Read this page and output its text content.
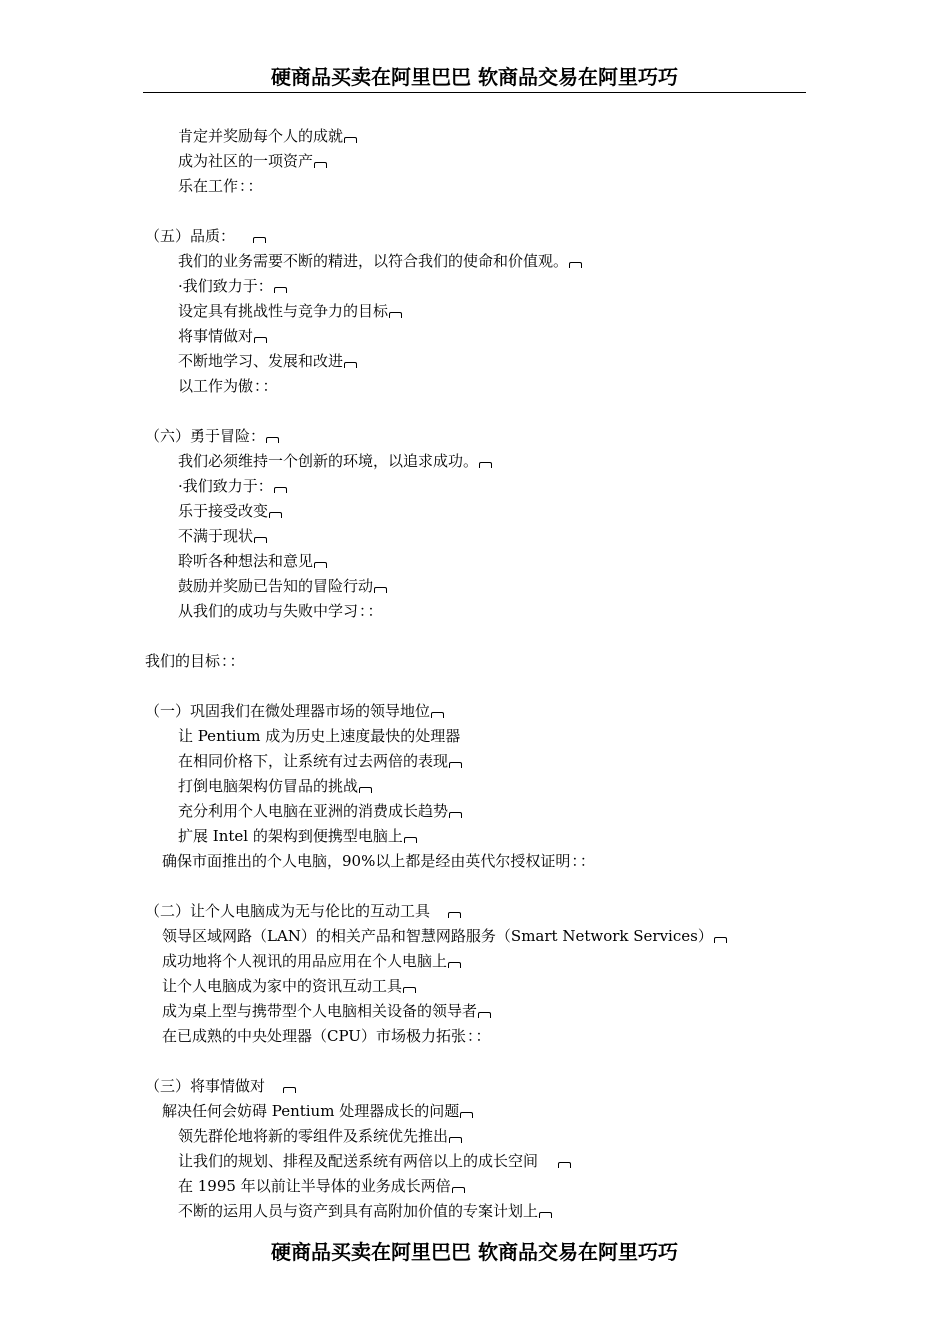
硬商品买卖在阿里巴巴 软商品交易在阿里巧巧
肯定并奖励每个人的成就
成为社区的一项资产
乐在工作：：
（五）品质：
我们的业务需要不断的精进，以符合我们的使命和价值观。
·我们致力于：
设定具有挑战性与竞争力的目标
将事情做对
不断地学习、发展和改进
以工作为傲：：
（六）勇于冒险：
我们必须维持一个创新的环境，以追求成功。
·我们致力于：
乐于接受改变
不满于现状
聆听各种想法和意见
鼓励并奖励已告知的冒险行动
从我们的成功与失败中学习：：
我们的目标：：
（一）巩固我们在微处理器市场的领导地位
让 Pentium 成为历史上速度最快的处理器
在相同价格下，让系统有过去两倍的表现
打倒电脑架构仿冒品的挑战
充分利用个人电脑在亚洲的消费成长趋势
扩展 Intel 的架构到便携型电脑上
确保市面推出的个人电脑，90%以上都是经由英代尔授权证明：：
（二）让个人电脑成为无与伦比的互动工具
领导区域网路（LAN）的相关产品和智慧网路服务（Smart Network Services）
成功地将个人视讯的用品应用在个人电脑上
让个人电脑成为家中的资讯互动工具
成为桌上型与携带型个人电脑相关设备的领导者
在已成熟的中央处理器（CPU）市场极力拓张：：
（三）将事情做对
解决任何会妨碍 Pentium 处理器成长的问题
领先群伦地将新的零组件及系统优先推出
让我们的规划、排程及配送系统有两倍以上的成长空间
在 1995 年以前让半导体的业务成长两倍
不断的运用人员与资产到具有高附加价值的专案计划上
硬商品买卖在阿里巴巴 软商品交易在阿里巧巧
